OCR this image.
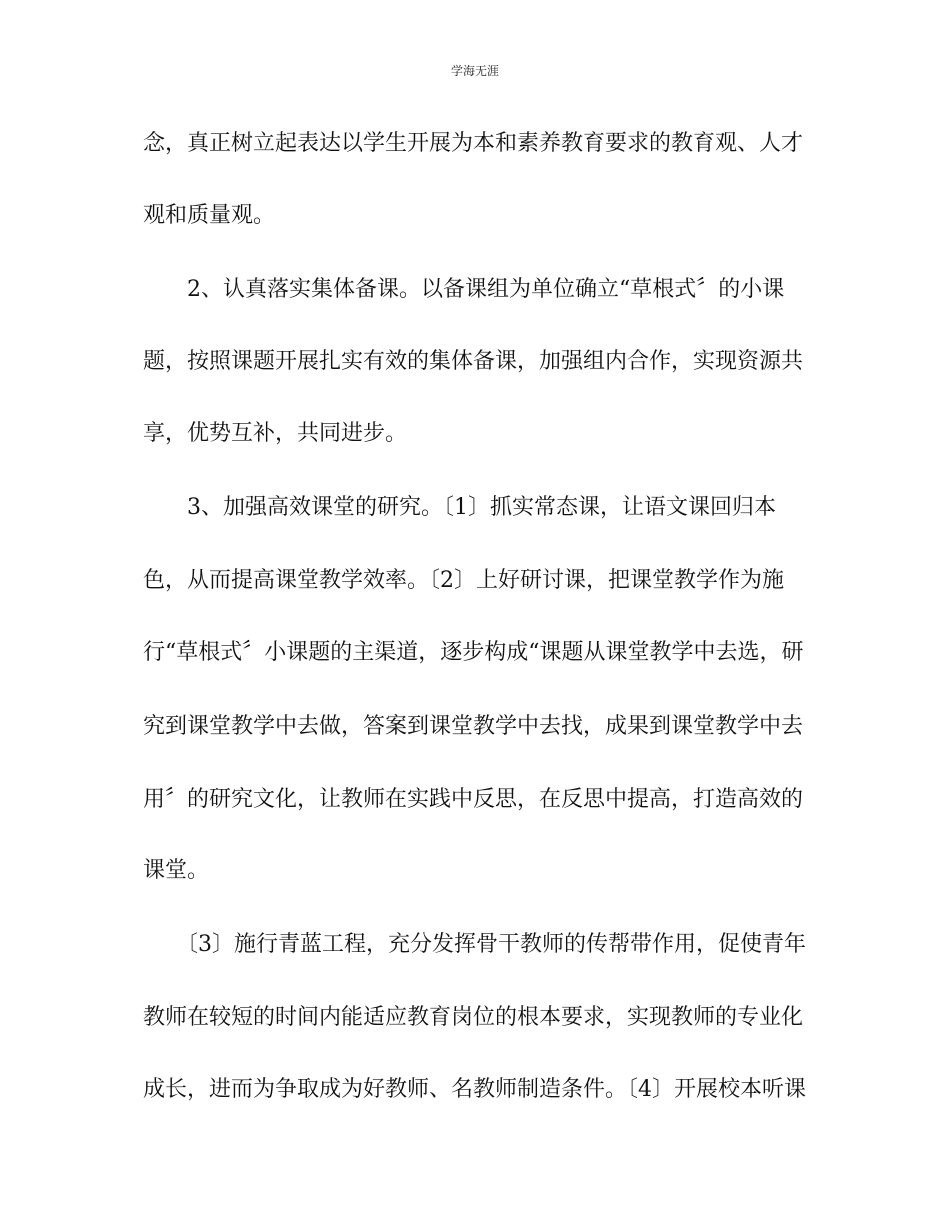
学海无涯
念，真正树立起表达以学生开展为本和素养教育要求的教育观、人才
观和质量观。
　　2、认真落实集体备课。以备课组为单位确立“草根式〞的小课
题，按照课题开展扎实有效的集体备课，加强组内合作，实现资源共
享，优势互补，共同进步。
　　3、加强高效课堂的研究。〔1〕抓实常态课，让语文课回归本
色，从而提高课堂教学效率。〔2〕上好研讨课，把课堂教学作为施
行“草根式〞小课题的主渠道，逐步构成“课题从课堂教学中去选，研
究到课堂教学中去做，答案到课堂教学中去找，成果到课堂教学中去
用〞的研究文化，让教师在实践中反思，在反思中提高，打造高效的
课堂。
　　〔3〕施行青蓝工程，充分发挥骨干教师的传帮带作用，促使青年
教师在较短的时间内能适应教育岗位的根本要求，实现教师的专业化
成长，进而为争取成为好教师、名教师制造条件。〔4〕开展校本听课
